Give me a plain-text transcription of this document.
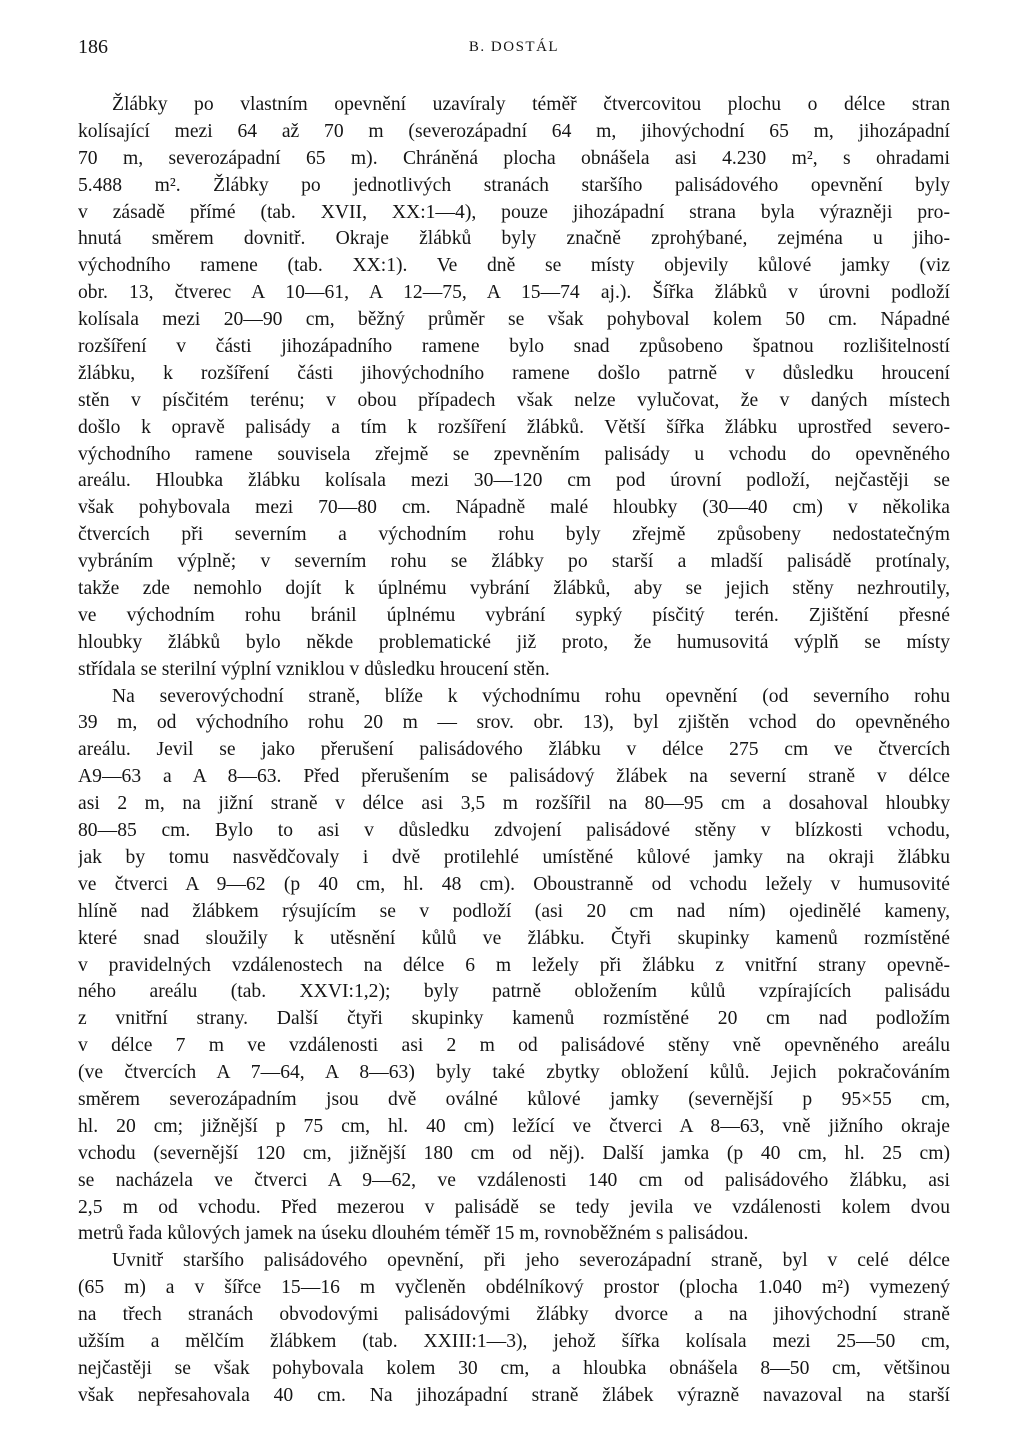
186	B. DOSTÁL
Žlábky po vlastním opevnění uzavíraly téměř čtvercovitou plochu o délce stran
kolísající mezi 64 až 70 m (severozápadní 64 m, jihovýchodní 65 m, jihozápadní
70 m, severozápadní 65 m). Chráněná plocha obnášela asi 4.230 m², s ohradami
5.488 m². Žlábky po jednotlivých stranách staršího palisádového opevnění byly
v zásadě přímé (tab. XVII, XX:1—4), pouze jihozápadní strana byla výrazněji pro-
hnutá směrem dovnitř. Okraje žlábků byly značně zprohýbané, zejména u jiho-
východního ramene (tab. XX:1). Ve dně se místy objevily kůlové jamky (viz
obr. 13, čtverec A 10—61, A 12—75, A 15—74 aj.). Šířka žlábků v úrovni podloží
kolísala mezi 20—90 cm, běžný průměr se však pohyboval kolem 50 cm. Nápadné
rozšíření v části jihozápadního ramene bylo snad způsobeno špatnou rozlišitelností
žlábku, k rozšíření části jihovýchodního ramene došlo patrně v důsledku hroucení
stěn v písčitém terénu; v obou případech však nelze vylučovat, že v daných místech
došlo k opravě palisády a tím k rozšíření žlábků. Větší šířka žlábku uprostřed severo-
východního ramene souvisela zřejmě se zpevněním palisády u vchodu do opevněného
areálu. Hloubka žlábku kolísala mezi 30—120 cm pod úrovní podloží, nejčastěji se
však pohybovala mezi 70—80 cm. Nápadně malé hloubky (30—40 cm) v několika
čtvercích při severním a východním rohu byly zřejmě způsobeny nedostatečným
vybráním výplně; v severním rohu se žlábky po starší a mladší palisádě protínaly,
takže zde nemohlo dojít k úplnému vybrání žlábků, aby se jejich stěny nezhroutily,
ve východním rohu bránil úplnému vybrání sypký písčitý terén. Zjištění přesné
hloubky žlábků bylo někde problematické již proto, že humusovitá výplň se místy
střídala se sterilní výplní vzniklou v důsledku hroucení stěn.
Na severovýchodní straně, blíže k východnímu rohu opevnění (od severního rohu
39 m, od východního rohu 20 m — srov. obr. 13), byl zjištěn vchod do opevněného
areálu. Jevil se jako přerušení palisádového žlábku v délce 275 cm ve čtvercích
A9—63 a A 8—63. Před přerušením se palisádový žlábek na severní straně v délce
asi 2 m, na jižní straně v délce asi 3,5 m rozšířil na 80—95 cm a dosahoval hloubky
80—85 cm. Bylo to asi v důsledku zdvojení palisádové stěny v blízkosti vchodu,
jak by tomu nasvědčovaly i dvě protilehlé umístěné kůlové jamky na okraji žlábku
ve čtverci A 9—62 (p 40 cm, hl. 48 cm). Oboustranně od vchodu ležely v humusovité
hlíně nad žlábkem rýsujícím se v podloží (asi 20 cm nad ním) ojedinělé kameny,
které snad sloužily k utěsnění kůlů ve žlábku. Čtyři skupinky kamenů rozmístěné
v pravidelných vzdálenostech na délce 6 m ležely při žlábku z vnitřní strany opevně-
ného areálu (tab. XXVI:1,2); byly patrně obložením kůlů vzpírajících palisádu
z vnitřní strany. Další čtyři skupinky kamenů rozmístěné 20 cm nad podložím
v délce 7 m ve vzdálenosti asi 2 m od palisádové stěny vně opevněného areálu
(ve čtvercích A 7—64, A 8—63) byly také zbytky obložení kůlů. Jejich pokračováním
směrem severozápadním jsou dvě oválné kůlové jamky (severnější p 95×55 cm,
hl. 20 cm; jižnější p 75 cm, hl. 40 cm) ležící ve čtverci A 8—63, vně jižního okraje
vchodu (severnější 120 cm, jižnější 180 cm od něj). Další jamka (p 40 cm, hl. 25 cm)
se nacházela ve čtverci A 9—62, ve vzdálenosti 140 cm od palisádového žlábku, asi
2,5 m od vchodu. Před mezerou v palisádě se tedy jevila ve vzdálenosti kolem dvou
metrů řada kůlových jamek na úseku dlouhém téměř 15 m, rovnoběžném s palisádou.
Uvnitř staršího palisádového opevnění, při jeho severozápadní straně, byl v celé délce
(65 m) a v šířce 15—16 m vyčleněn obdélníkový prostor (plocha 1.040 m²) vymezený
na třech stranách obvodovými palisádovými žlábky dvorce a na jihovýchodní straně
užším a mělčím žlábkem (tab. XXIII:1—3), jehož šířka kolísala mezi 25—50 cm,
nejčastěji se však pohybovala kolem 30 cm, a hloubka obnášela 8—50 cm, většinou
však nepřesahovala 40 cm. Na jihozápadní straně žlábek výrazně navazoval na starší
